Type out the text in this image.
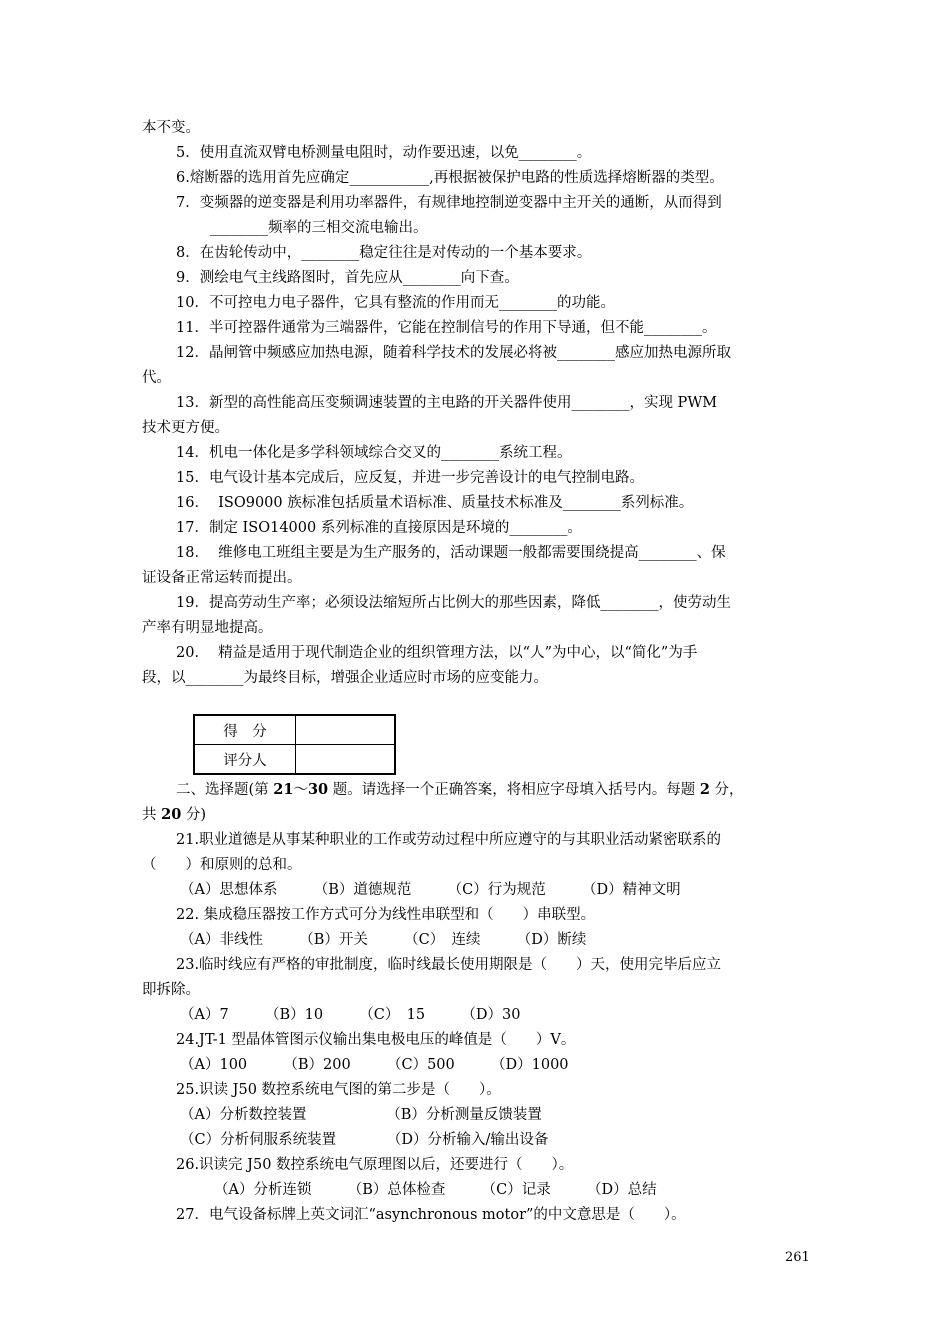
本不变。
5．使用直流双臂电桥测量电阻时，动作要迅速，以免________。
6.熔断器的选用首先应确定___________,再根据被保护电路的性质选择熔断器的类型。
7．变频器的逆变器是利用功率器件，有规律地控制逆变器中主开关的通断，从而得到
________频率的三相交流电输出。
8．在齿轮传动中，________稳定往往是对传动的一个基本要求。
9．测绘电气主线路图时，首先应从________向下查。
10．不可控电力电子器件，它具有整流的作用而无________的功能。
11．半可控器件通常为三端器件，它能在控制信号的作用下导通，但不能________。
12．晶闸管中频感应加热电源，随着科学技术的发展必将被________感应加热电源所取
代。
13．新型的高性能高压变频调速装置的主电路的开关器件使用________，实现 PWM
技术更方便。
14．机电一体化是多学科领域综合交叉的________系统工程。
15．电气设计基本完成后，应反复，并进一步完善设计的电气控制电路。
16．  ISO9000 族标准包括质量术语标准、质量技术标准及________系列标准。
17．制定 ISO14000 系列标准的直接原因是环境的________。
18．  维修电工班组主要是为生产服务的，活动课题一般都需要围绕提高________、保
证设备正常运转而提出。
19．提高劳动生产率；必须设法缩短所占比例大的那些因素，降低________，使劳动生
产率有明显地提高。
20．  精益是适用于现代制造企业的组织管理方法，以“人”为中心，以“简化”为手
段，以________为最终目标，增强企业适应时市场的应变能力。
得　分	
评分人	
二、选择题(第 21～30 题。请选择一个正确答案，将相应字母填入括号内。每题 2 分，
共 20 分)
21.职业道德是从事某种职业的工作或劳动过程中所应遵守的与其职业活动紧密联系的
（　　）和原则的总和。
（A）思想体系　　　（B）道德规范　　　（C）行为规范　　　（D）精神文明
22. 集成稳压器按工作方式可分为线性串联型和（　　）串联型。
（A）非线性　　　（B）开关　　　（C）　连续　　　（D）断续
23.临时线应有严格的审批制度，临时线最长使用期限是（　　）天，使用完毕后应立
即拆除。
（A）7　　　（B）10　　　（C）　15　　　（D）30
24.JT-1 型晶体管图示仪输出集电极电压的峰值是（　　）V。
（A）100　　　（B）200　　　（C）500　　　（D）1000
25.识读 J50 数控系统电气图的第二步是（　　）。
（A）分析数控装置　　　　　　（B）分析测量反馈装置
（C）分析伺服系统装置　　　　（D）分析输入/输出设备
26.识读完 J50 数控系统电气原理图以后，还要进行（　　）。
（A）分析连锁　　　（B）总体检查　　　（C）记录　　　（D）总结
27．电气设备标牌上英文词汇“asynchronous motor”的中文意思是（　　）。
261
